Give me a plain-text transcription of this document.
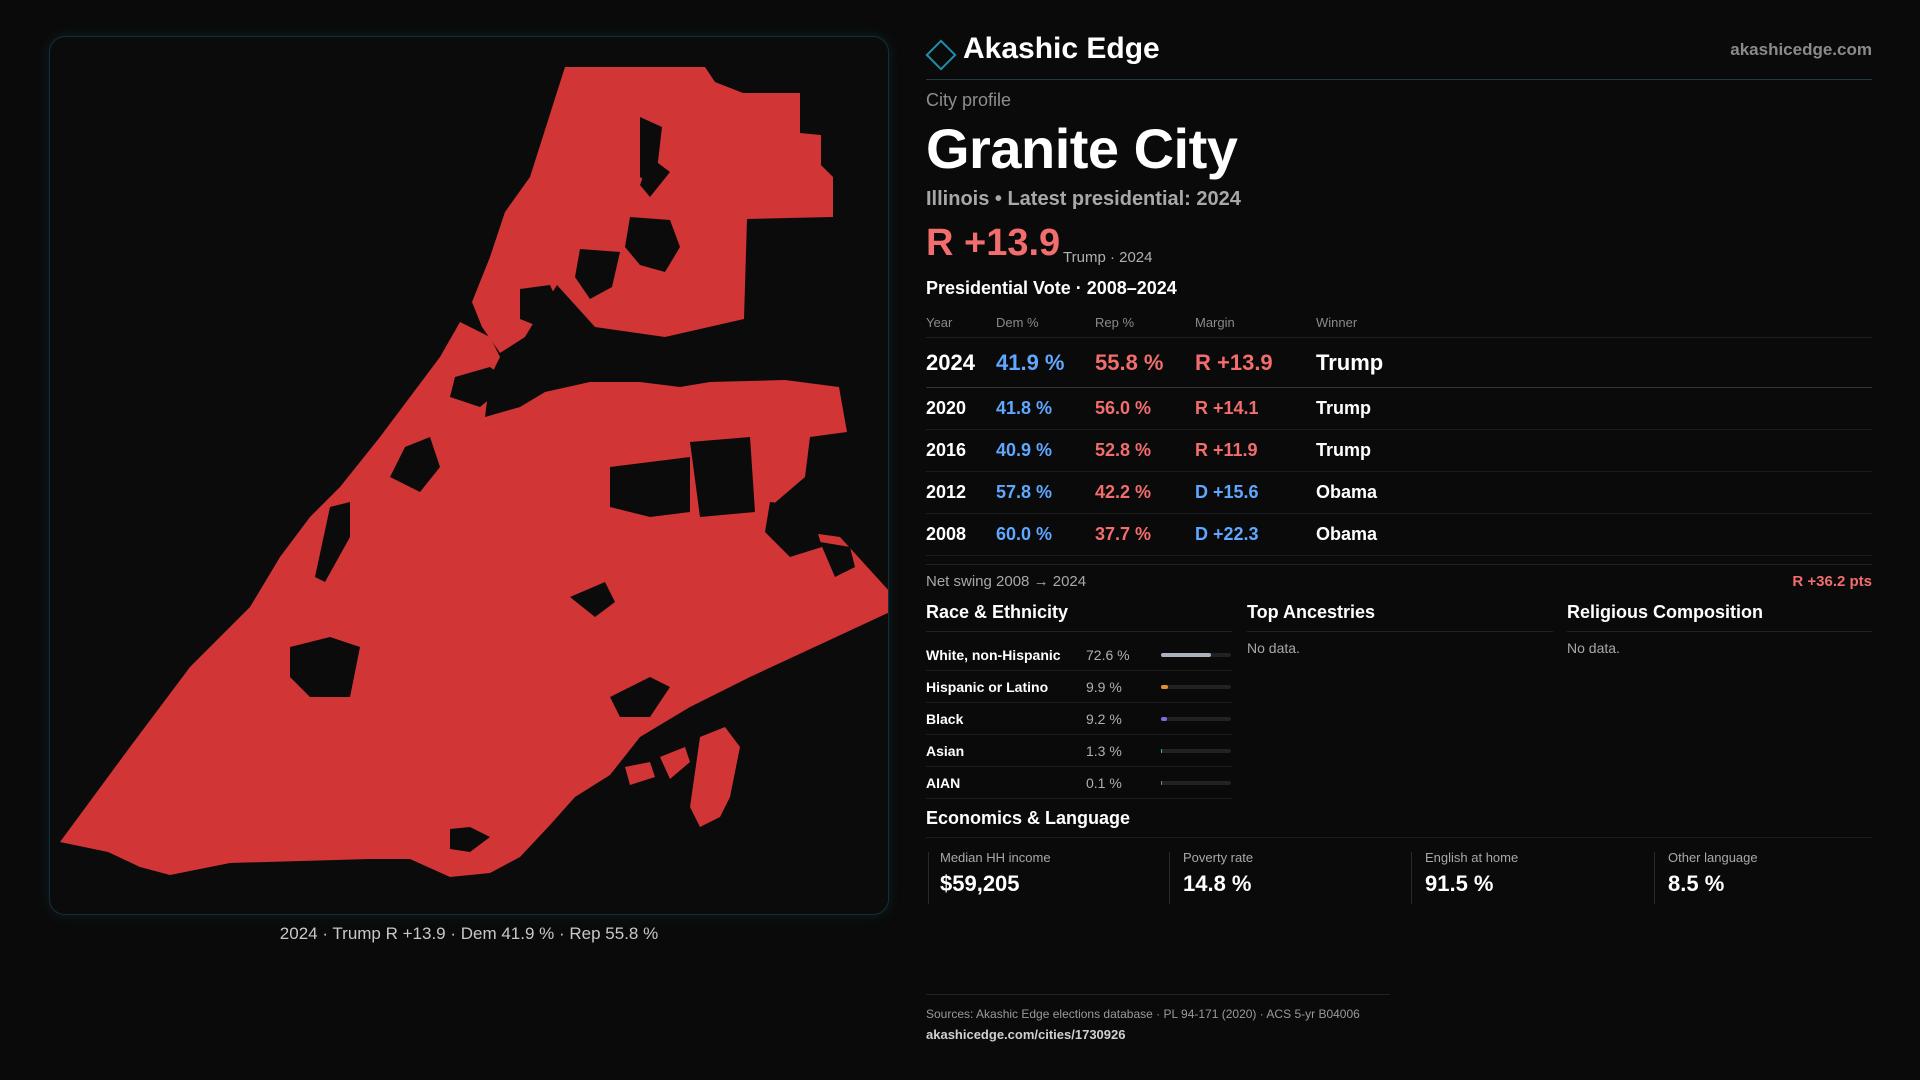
2024 · Trump R +13.9 · Dem 41.9 % · Rep 55.8 %
Akashic Edge	akashicedge.com
City profile
Granite City
Illinois • Latest presidential: 2024
R +13.9 Trump · 2024
Presidential Vote · 2008–2024
Year	Dem %	Rep %	Margin	Winner
2024 41.9 % 55.8 % R +13.9 Trump
2020 41.8 % 56.0 % R +14.1	Trump
2016 40.9 % 52.8 % R +11.9	Trump
2012 57.8 % 42.2 % D +15.6	Obama
2008 60.0 % 37.7 % D +22.3	Obama
Net swing 2008 → 2024	R +36.2 pts
Race & Ethnicity
White, non-Hispanic 72.6 %
Hispanic or Latino	9.9 %
Black	9.2 %
Asian	1.3 %
AIAN	0.1 %
Top Ancestries
No data.
Religious Composition
No data.
Economics & Language
Median HH income
$59,205
Poverty rate
14.8 %
English at home
91.5 %
Other language
8.5 %
Sources: Akashic Edge elections database · PL 94-171 (2020) · ACS 5-yr B04006
akashicedge.com/cities/1730926
